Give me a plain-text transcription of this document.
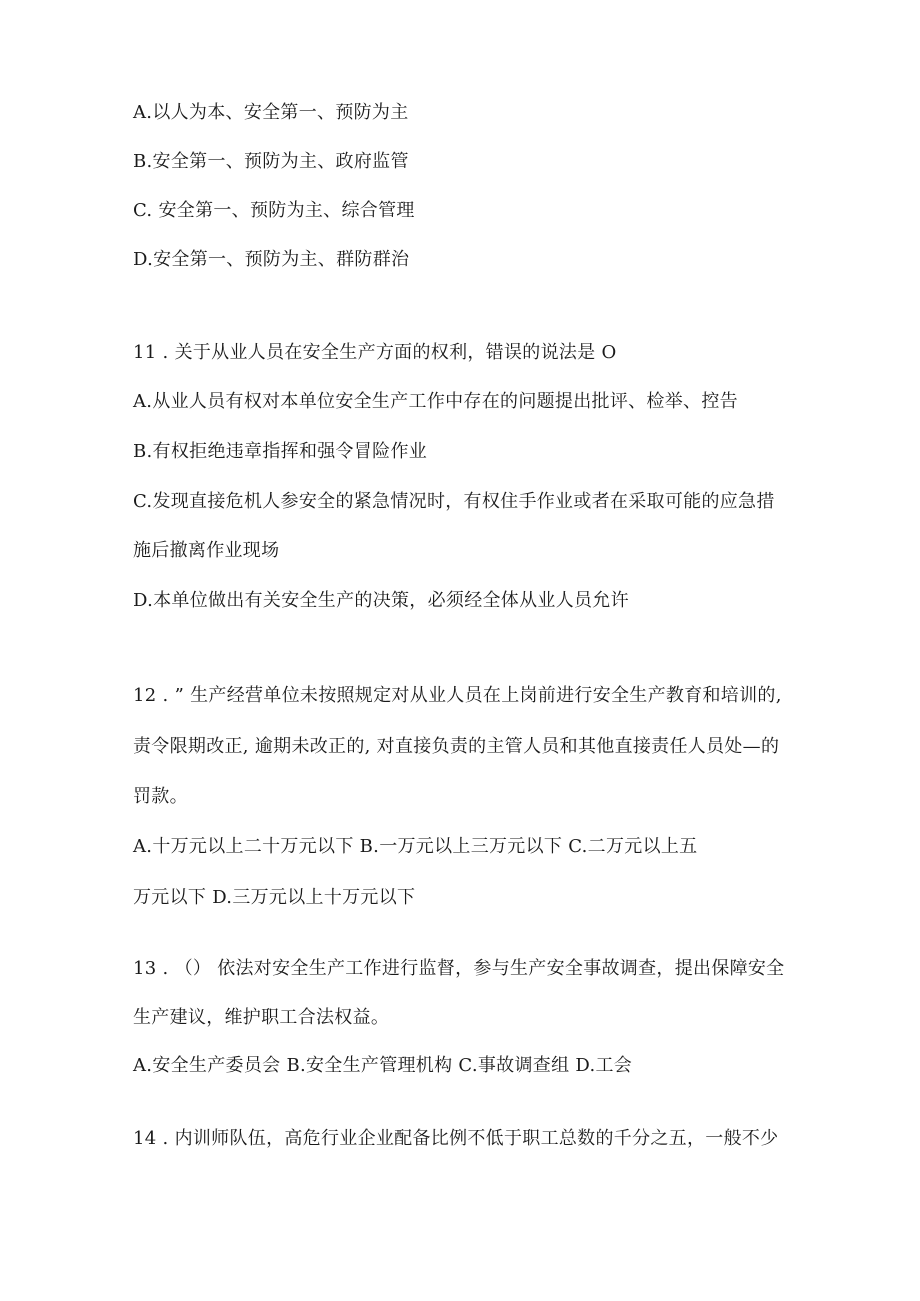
A.以人为本、安全第一、预防为主
B.安全第一、预防为主、政府监管
C. 安全第一、预防为主、综合管理
D.安全第一、预防为主、群防群治
11 . 关于从业人员在安全生产方面的权利，错误的说法是 O
A.从业人员有权对本单位安全生产工作中存在的问题提出批评、检举、控告
B.有权拒绝违章指挥和强令冒险作业
C.发现直接危机人参安全的紧急情况时，有权住手作业或者在采取可能的应急措
施后撤离作业现场
D.本单位做出有关安全生产的决策，必须经全体从业人员允许
12 . ” 生产经营单位未按照规定对从业人员在上岗前进行安全生产教育和培训的,
责令限期改正, 逾期未改正的, 对直接负责的主管人员和其他直接责任人员处—的
罚款。
A.十万元以上二十万元以下 B.一万元以上三万元以下 C.二万元以上五
万元以下 D.三万元以上十万元以下
13 . （） 依法对安全生产工作进行监督，参与生产安全事故调查，提出保障安全
生产建议，维护职工合法权益。
A.安全生产委员会 B.安全生产管理机构 C.事故调查组 D.工会
14 . 内训师队伍，高危行业企业配备比例不低于职工总数的千分之五，一般不少
